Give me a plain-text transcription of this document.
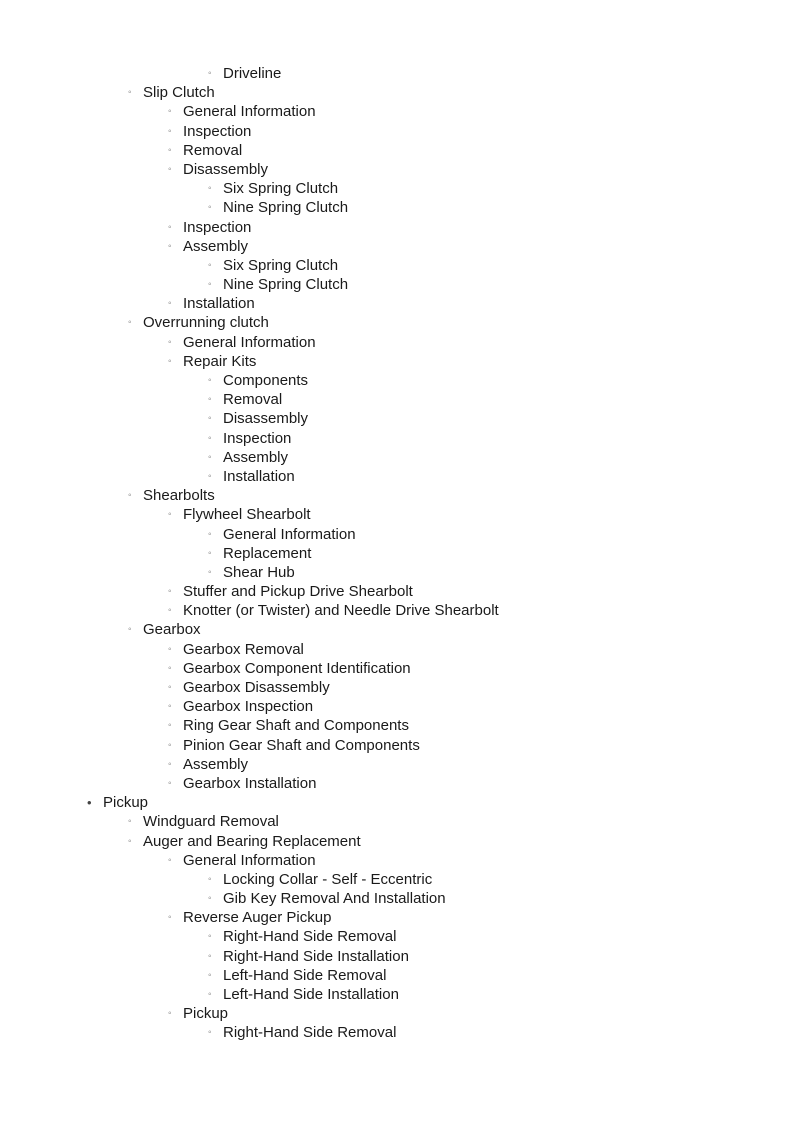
◦ Driveline
◦ Slip Clutch
◦ General Information
◦ Inspection
◦ Removal
◦ Disassembly
◦ Six Spring Clutch
◦ Nine Spring Clutch
◦ Inspection
◦ Assembly
◦ Six Spring Clutch
◦ Nine Spring Clutch
◦ Installation
◦ Overrunning clutch
◦ General Information
◦ Repair Kits
◦ Components
◦ Removal
◦ Disassembly
◦ Inspection
◦ Assembly
◦ Installation
◦ Shearbolts
◦ Flywheel Shearbolt
◦ General Information
◦ Replacement
◦ Shear Hub
◦ Stuffer and Pickup Drive Shearbolt
◦ Knotter (or Twister) and Needle Drive Shearbolt
◦ Gearbox
◦ Gearbox Removal
◦ Gearbox Component Identification
◦ Gearbox Disassembly
◦ Gearbox Inspection
◦ Ring Gear Shaft and Components
◦ Pinion Gear Shaft and Components
◦ Assembly
◦ Gearbox Installation
• Pickup
◦ Windguard Removal
◦ Auger and Bearing Replacement
◦ General Information
◦ Locking Collar - Self - Eccentric
◦ Gib Key Removal And Installation
◦ Reverse Auger Pickup
◦ Right-Hand Side Removal
◦ Right-Hand Side Installation
◦ Left-Hand Side Removal
◦ Left-Hand Side Installation
◦ Pickup
◦ Right-Hand Side Removal
